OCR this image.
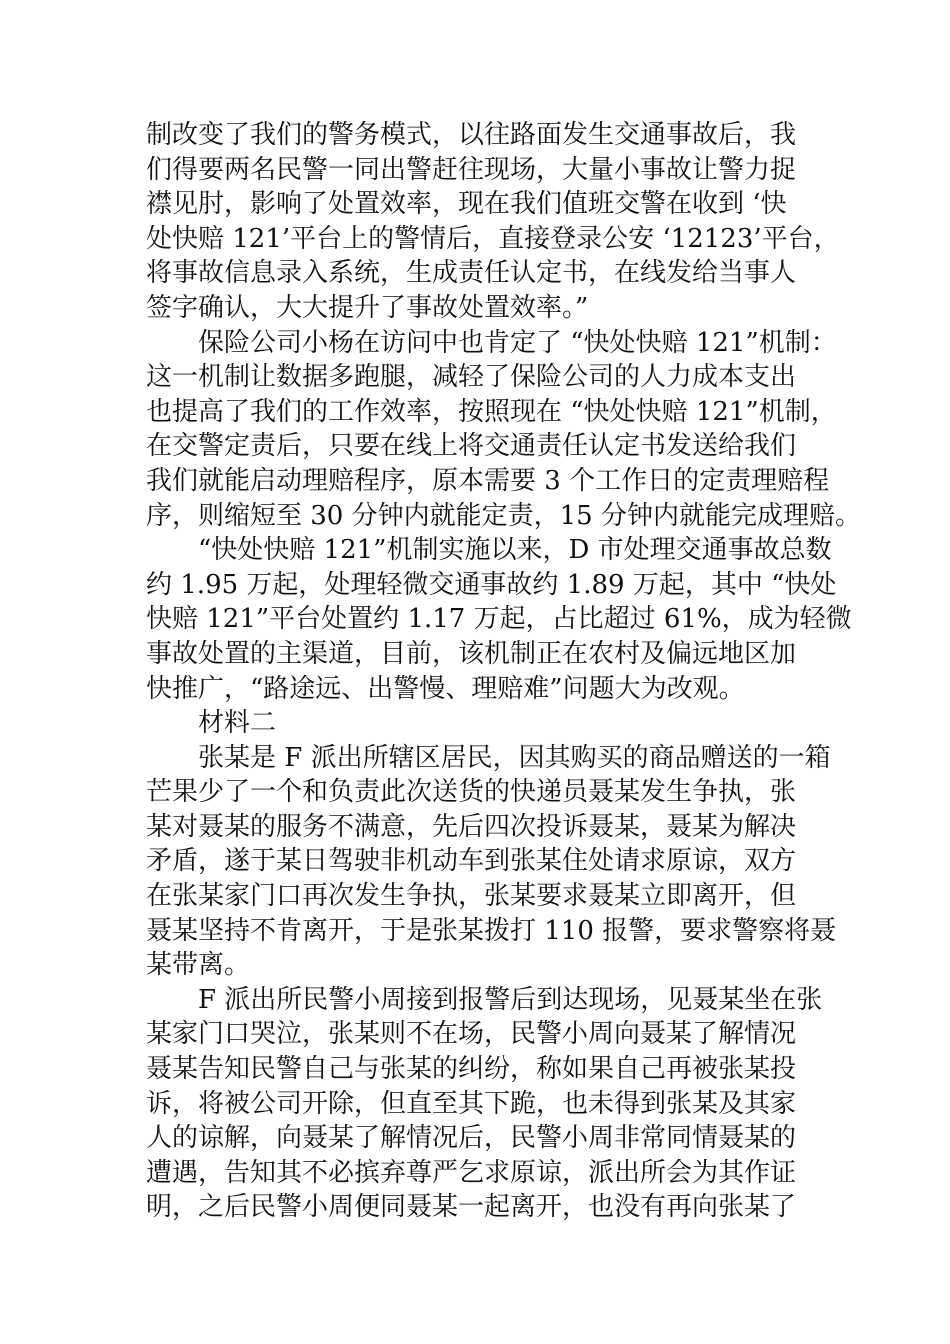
制改变了我们的警务模式，以往路面发生交通事故后，我
们得要两名民警一同出警赶往现场，大量小事故让警力捉
襟见肘，影响了处置效率，现在我们值班交警在收到 ‘快
处快赔 121’平台上的警情后，直接登录公安 ‘12123’平台，
将事故信息录入系统，生成责任认定书，在线发给当事人
签字确认，大大提升了事故处置效率。”
保险公司小杨在访问中也肯定了 “快处快赔 121”机制：
这一机制让数据多跑腿，减轻了保险公司的人力成本支出
也提高了我们的工作效率，按照现在 “快处快赔 121”机制，
在交警定责后，只要在线上将交通责任认定书发送给我们
我们就能启动理赔程序，原本需要 3 个工作日的定责理赔程
序，则缩短至 30 分钟内就能定责，15 分钟内就能完成理赔。
“快处快赔 121”机制实施以来，D 市处理交通事故总数
约 1.95 万起，处理轻微交通事故约 1.89 万起，其中 “快处
快赔 121”平台处置约 1.17 万起，占比超过 61%，成为轻微
事故处置的主渠道，目前，该机制正在农村及偏远地区加
快推广，“路途远、出警慢、理赔难”问题大为改观。
材料二
张某是 F 派出所辖区居民，因其购买的商品赠送的一箱
芒果少了一个和负责此次送货的快递员聂某发生争执，张
某对聂某的服务不满意，先后四次投诉聂某，聂某为解决
矛盾，遂于某日驾驶非机动车到张某住处请求原谅，双方
在张某家门口再次发生争执，张某要求聂某立即离开，但
聂某坚持不肯离开，于是张某拨打 110 报警，要求警察将聂
某带离。
F 派出所民警小周接到报警后到达现场，见聂某坐在张
某家门口哭泣，张某则不在场，民警小周向聂某了解情况
聂某告知民警自己与张某的纠纷，称如果自己再被张某投
诉，将被公司开除，但直至其下跪，也未得到张某及其家
人的谅解，向聂某了解情况后，民警小周非常同情聂某的
遭遇，告知其不必摈弃尊严乞求原谅，派出所会为其作证
明，之后民警小周便同聂某一起离开，也没有再向张某了
